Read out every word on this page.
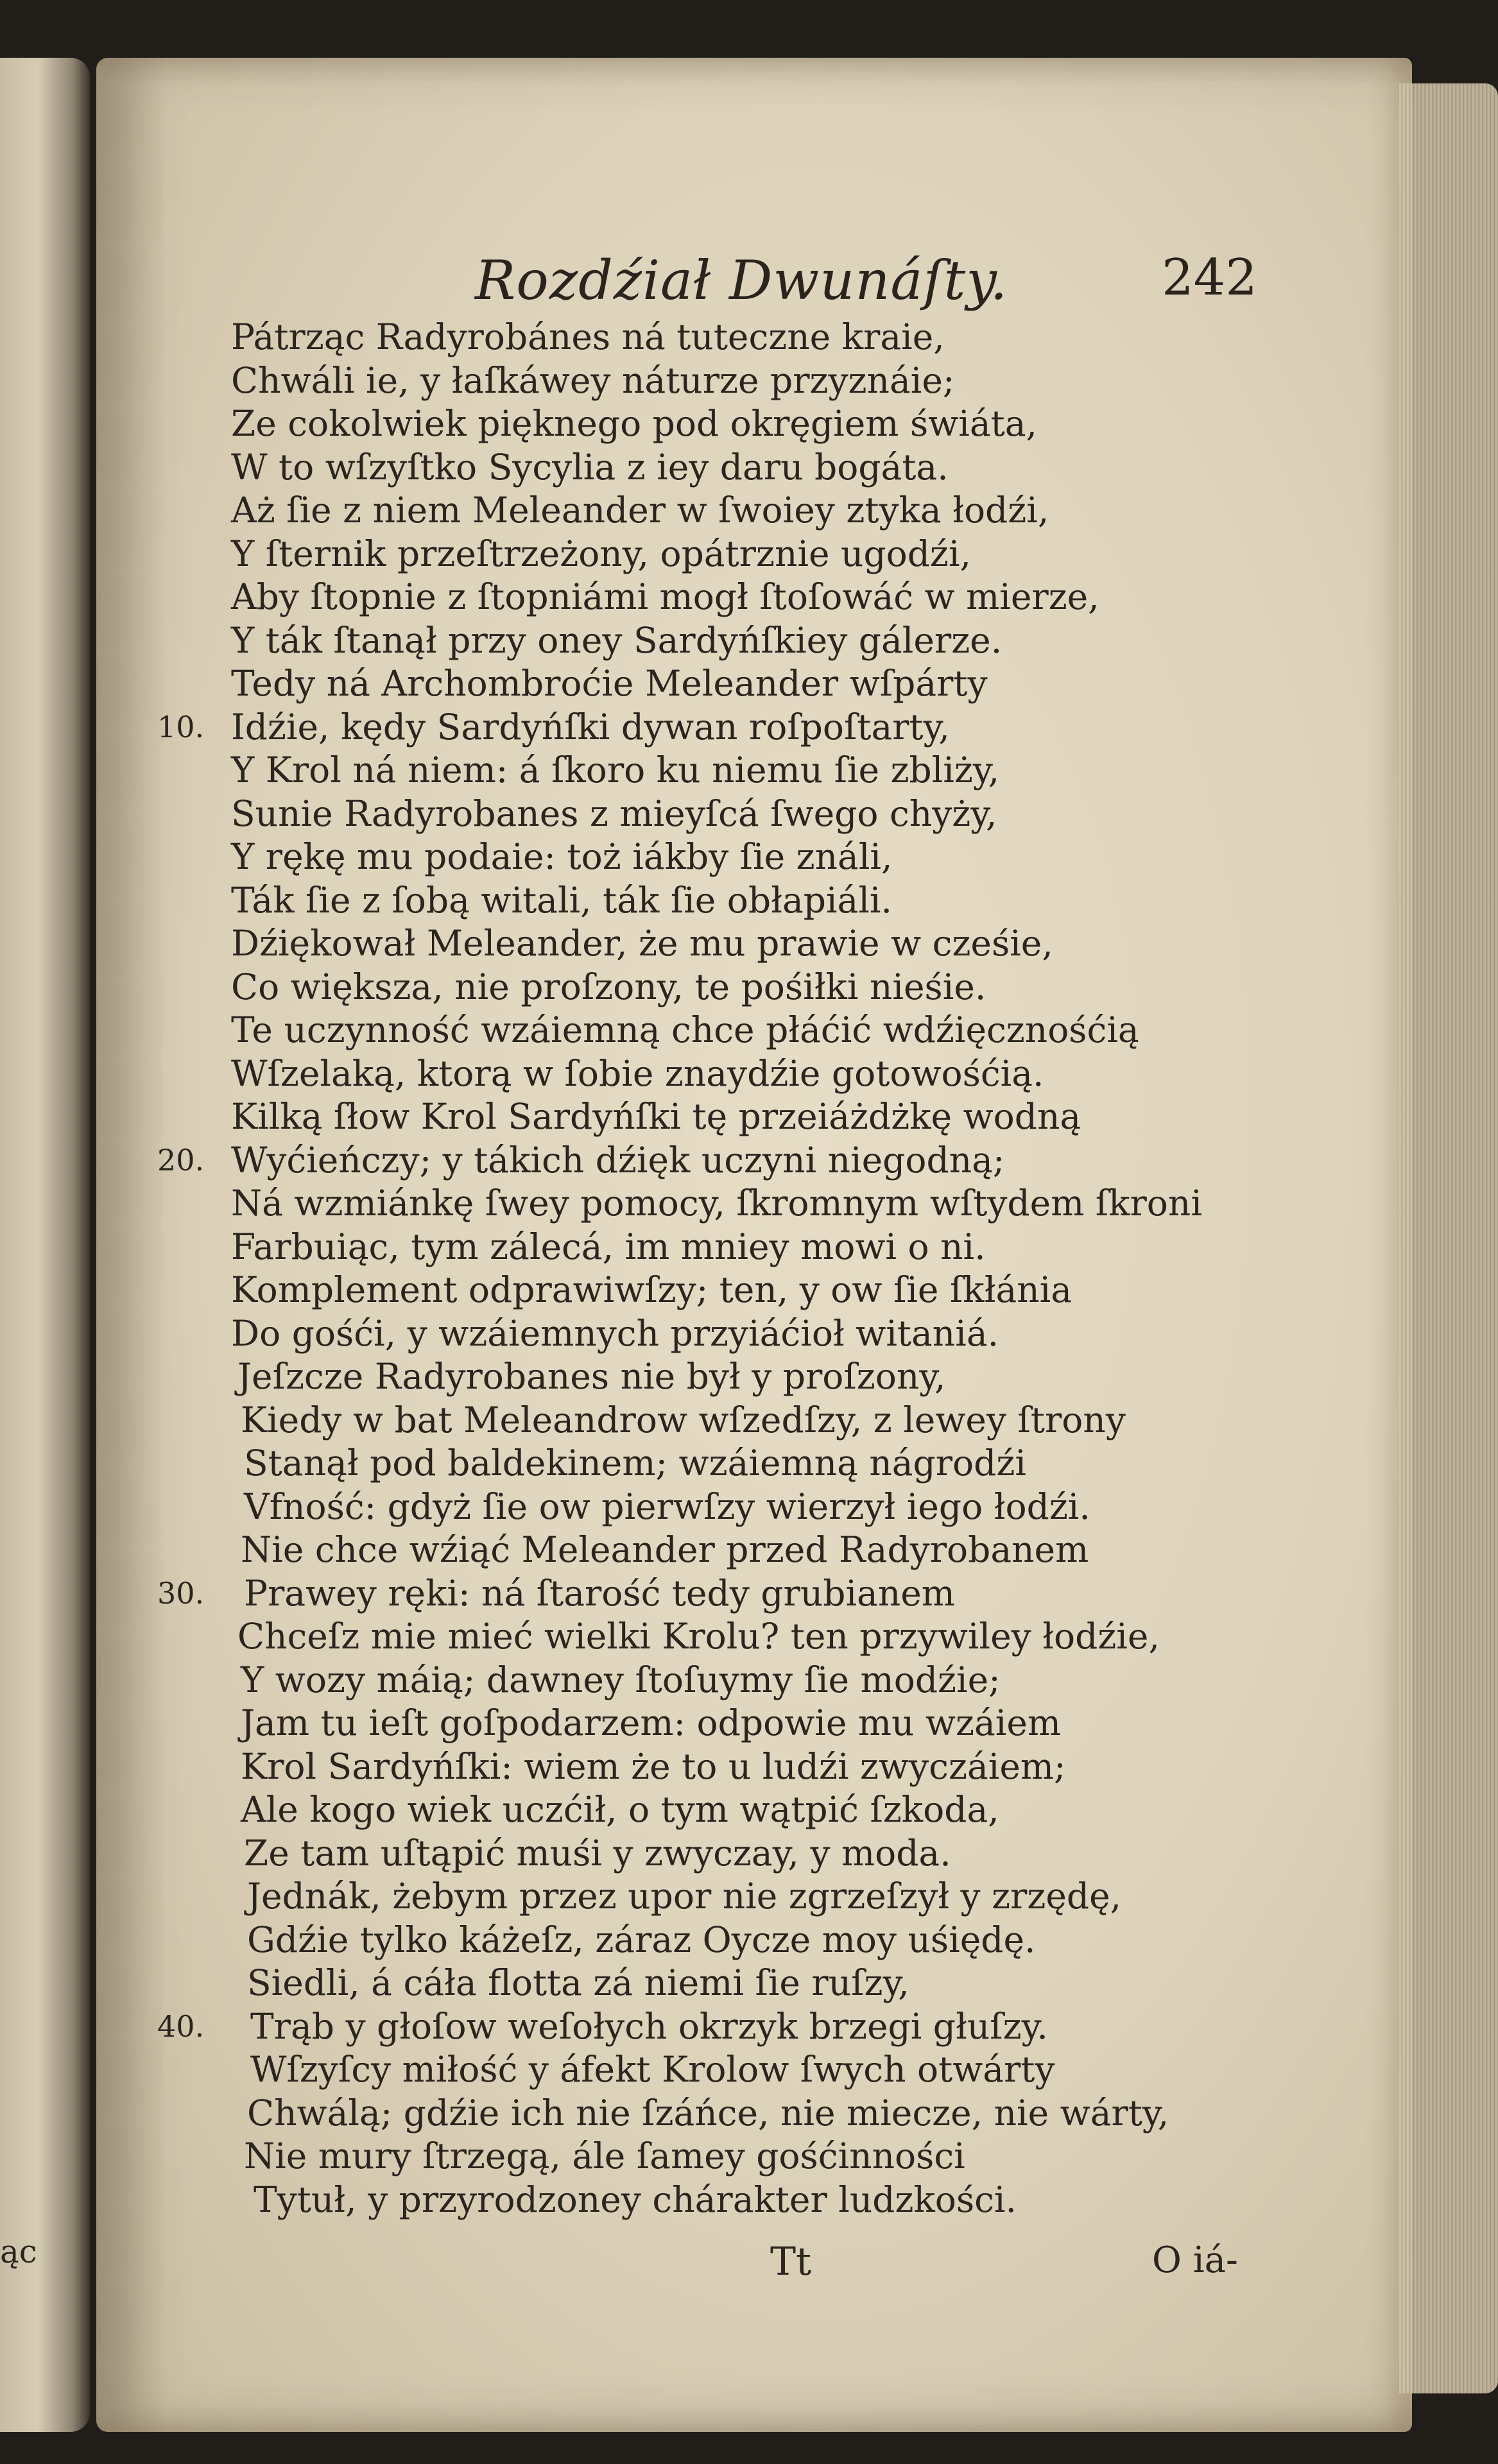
Rozdźiał Dwunáſty.	242
Pátrząc Radyrobánes ná tuteczne kraie,
Chwáli ie, y łaſkáwey náturze przyznáie;
Ze cokolwiek pięknego pod okręgiem świáta,
W to wſzyſtko Sycylia z iey daru bogáta.
Aż ſie z niem Meleander w ſwoiey ztyka łodźi,
Y ſternik przeſtrzeżony, opátrznie ugodźi,
Aby ſtopnie z ſtopniámi mogł ſtoſowáć w mierze,
Y ták ſtanął przy oney Sardyńſkiey gálerze.
Tedy ná Archombroćie Meleander wſpárty
10. Idźie, kędy Sardyńſki dywan roſpoſtarty,
Y Krol ná niem: á ſkoro ku niemu ſie zbliży,
Sunie Radyrobanes z mieyſcá ſwego chyży,
Y rękę mu podaie: toż iákby ſie ználi,
Ták ſie z ſobą witali, ták ſie obłapiáli.
Dźiękował Meleander, że mu prawie w cześie,
Co większa, nie proſzony, te pośiłki nieśie.
Te uczynność wzáiemną chce płáćić wdźięcznośćią
Wſzelaką, ktorą w ſobie znaydźie gotowośćią.
Kilką ſłow Krol Sardyńſki tę przeiáżdżkę wodną
20. Wyćieńczy; y tákich dźięk uczyni niegodną;
Ná wzmiánkę ſwey pomocy, ſkromnym wſtydem ſkroni
Farbuiąc, tym zálecá, im mniey mowi o ni.
Komplement odprawiwſzy; ten, y ow ſie ſkłánia
Do gośći, y wzáiemnych przyiáćioł witaniá.
Jeſzcze Radyrobanes nie był y proſzony,
Kiedy w bat Meleandrow wſzedſzy, z lewey ſtrony
Stanął pod baldekinem; wzáiemną nágrodźi
Vfność: gdyż ſie ow pierwſzy wierzył iego łodźi.
Nie chce wźiąć Meleander przed Radyrobanem
30. Prawey ręki: ná ſtarość tedy grubianem
Chceſz mie mieć wielki Krolu? ten przywiley łodźie,
Y wozy máią; dawney ſtoſuymy ſie modźie;
Jam tu ieſt goſpodarzem: odpowie mu wzáiem
Krol Sardyńſki: wiem że to u ludźi zwyczáiem;
Ale kogo wiek uczćił, o tym wątpić ſzkoda,
Ze tam uſtąpić muśi y zwyczay, y moda.
Jednák, żebym przez upor nie zgrzeſzył y zrzędę,
Gdźie tylko káżeſz, záraz Oycze moy uśiędę.
Siedli, á cáła flotta zá niemi ſie ruſzy,
40. Trąb y głoſow weſołych okrzyk brzegi głuſzy.
Wſzyſcy miłość y áfekt Krolow ſwych otwárty
Chwálą; gdźie ich nie ſzáńce, nie miecze, nie wárty,
Nie mury ſtrzegą, ále ſamey gośćinności
Tytuł, y przyrodzoney chárakter ludzkości.
Tt	O iá-
ąc
